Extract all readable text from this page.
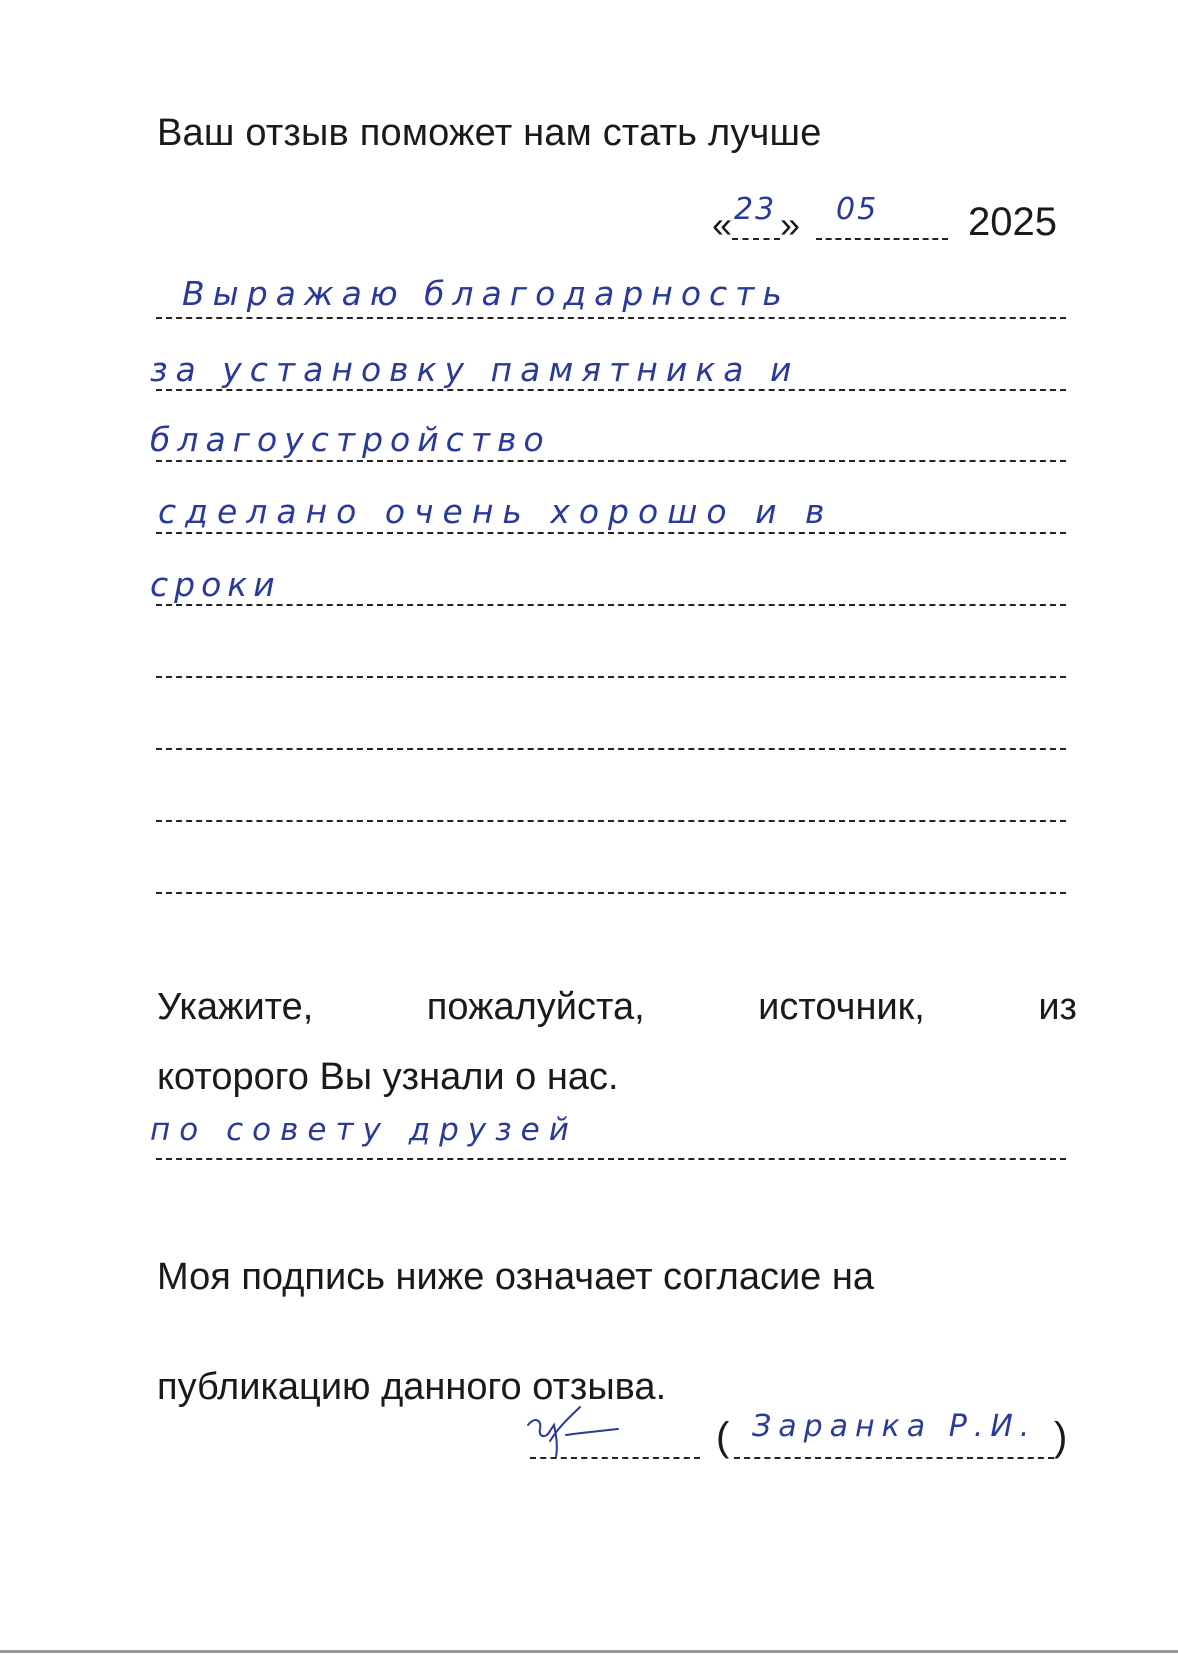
Ваш отзыв поможет нам стать лучше
« 23 » 05 2025
Выражаю благодарность
за установку памятника и
благоустройство
сделано очень хорошо и в
сроки
Укажите,	пожалуйста,	источник,	из
которого Вы узнали о нас.
по совету друзей
Моя подпись ниже означает согласие на
публикацию данного отзыва.
( Заранка Р.И. )
